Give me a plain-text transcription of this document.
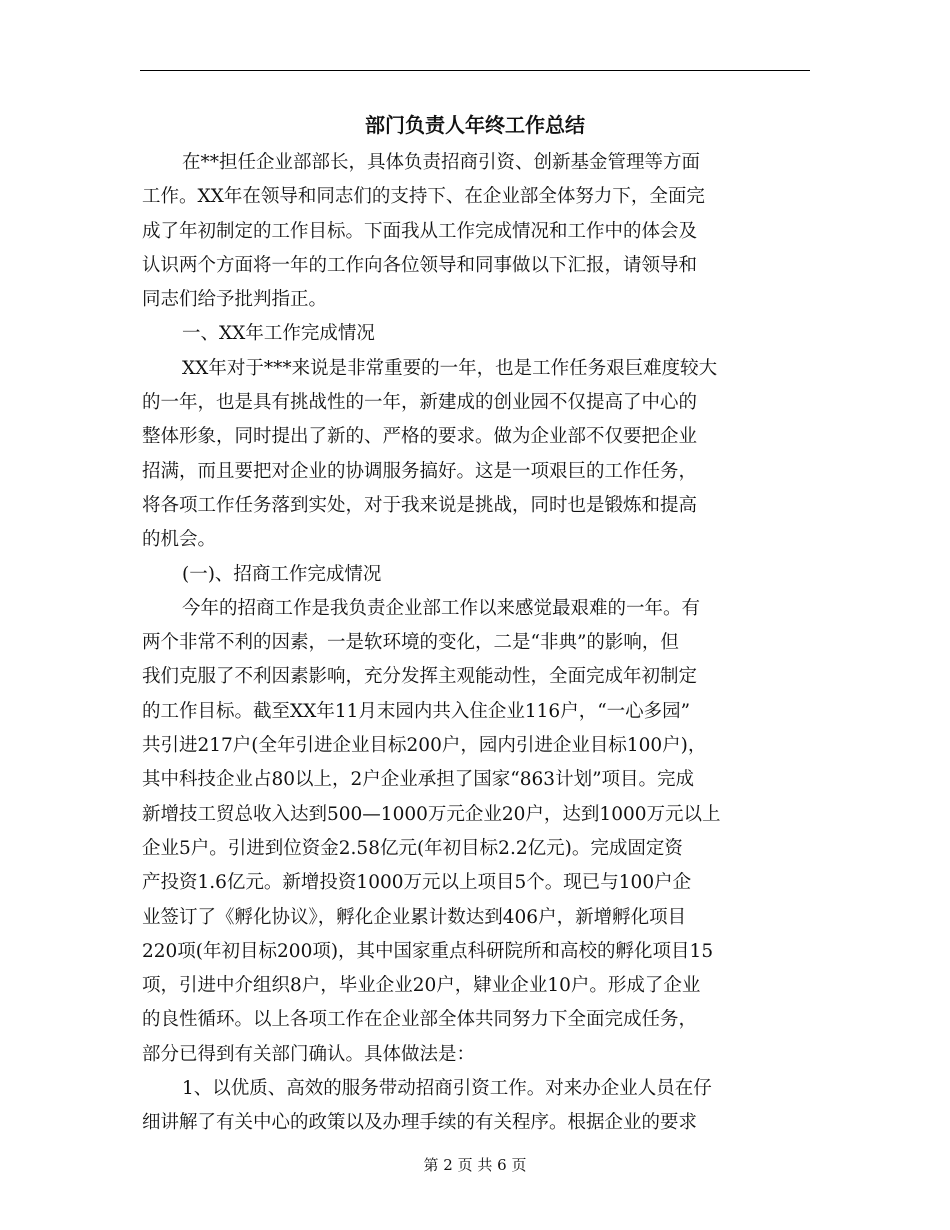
部门负责人年终工作总结
在**担任企业部部长，具体负责招商引资、创新基金管理等方面
工作。XX年在领导和同志们的支持下、在企业部全体努力下，全面完
成了年初制定的工作目标。下面我从工作完成情况和工作中的体会及
认识两个方面将一年的工作向各位领导和同事做以下汇报，请领导和
同志们给予批判指正。
一、XX年工作完成情况
XX年对于***来说是非常重要的一年，也是工作任务艰巨难度较大
的一年，也是具有挑战性的一年，新建成的创业园不仅提高了中心的
整体形象，同时提出了新的、严格的要求。做为企业部不仅要把企业
招满，而且要把对企业的协调服务搞好。这是一项艰巨的工作任务，
将各项工作任务落到实处，对于我来说是挑战，同时也是锻炼和提高
的机会。
(一)、招商工作完成情况
今年的招商工作是我负责企业部工作以来感觉最艰难的一年。有
两个非常不利的因素，一是软环境的变化，二是“非典”的影响，但
我们克服了不利因素影响，充分发挥主观能动性，全面完成年初制定
的工作目标。截至XX年11月末园内共入住企业116户，“一心多园”
共引进217户(全年引进企业目标200户，园内引进企业目标100户)，
其中科技企业占80以上，2户企业承担了国家“863计划”项目。完成
新增技工贸总收入达到500—1000万元企业20户，达到1000万元以上
企业5户。引进到位资金2.58亿元(年初目标2.2亿元)。完成固定资
产投资1.6亿元。新增投资1000万元以上项目5个。现已与100户企
业签订了《孵化协议》，孵化企业累计数达到406户，新增孵化项目
220项(年初目标200项)，其中国家重点科研院所和高校的孵化项目15
项，引进中介组织8户，毕业企业20户，肄业企业10户。形成了企业
的良性循环。以上各项工作在企业部全体共同努力下全面完成任务，
部分已得到有关部门确认。具体做法是：
1、以优质、高效的服务带动招商引资工作。对来办企业人员在仔
细讲解了有关中心的政策以及办理手续的有关程序。根据企业的要求
第 2 页 共 6 页
